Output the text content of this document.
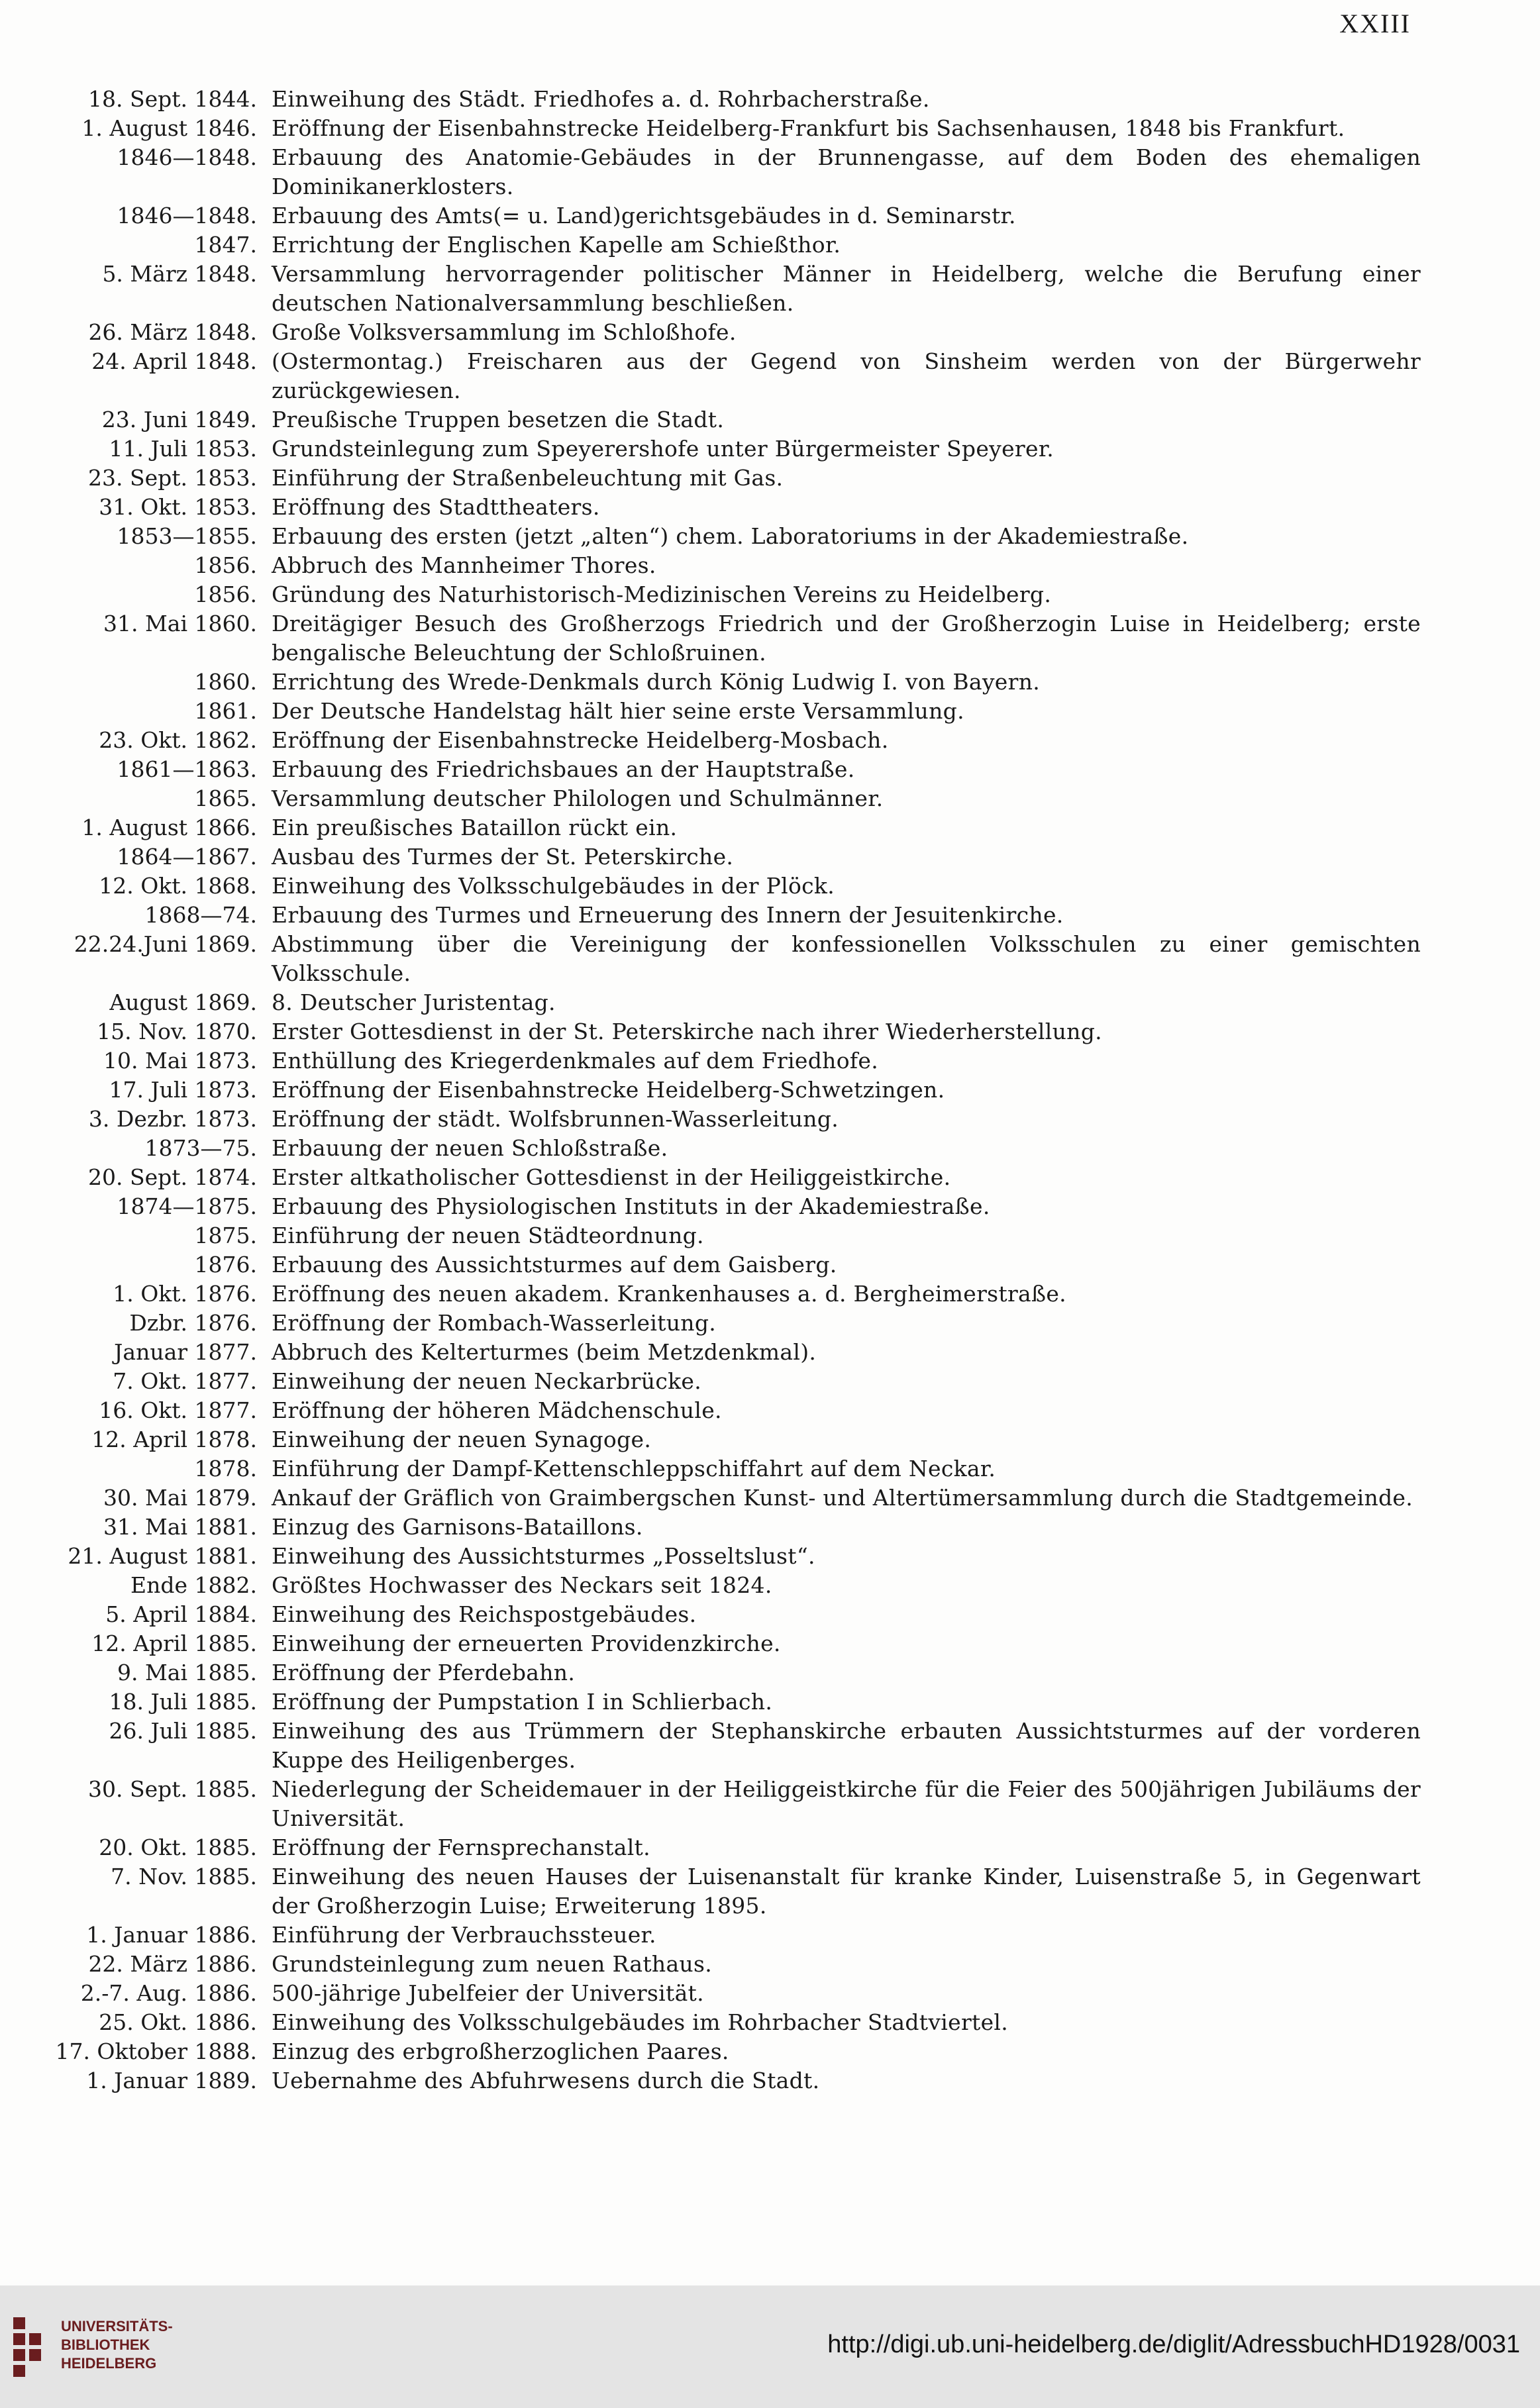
XXIII
18. Sept. 1844. Einweihung des Städt. Friedhofes a. d. Rohrbacherstraße.
1. August 1846. Eröffnung der Eisenbahnstrecke Heidelberg-Frankfurt bis Sachsenhausen, 1848 bis Frankfurt.
1846—1848. Erbauung des Anatomie-Gebäudes in der Brunnengasse, auf dem Boden des ehemaligen Dominikanerklosters.
1846—1848. Erbauung des Amts(= u. Land)gerichtsgebäudes in d. Seminarstr.
1847. Errichtung der Englischen Kapelle am Schießthor.
5. März 1848. Versammlung hervorragender politischer Männer in Heidelberg, welche die Berufung einer deutschen Nationalversammlung beschließen.
26. März 1848. Große Volksversammlung im Schloßhofe.
24. April 1848. (Ostermontag.) Freischaren aus der Gegend von Sinsheim werden von der Bürgerwehr zurückgewiesen.
23. Juni 1849. Preußische Truppen besetzen die Stadt.
11. Juli 1853. Grundsteinlegung zum Speyerershofe unter Bürgermeister Speyerer.
23. Sept. 1853. Einführung der Straßenbeleuchtung mit Gas.
31. Okt. 1853. Eröffnung des Stadttheaters.
1853—1855. Erbauung des ersten (jetzt „alten“) chem. Laboratoriums in der Akademiestraße.
1856. Abbruch des Mannheimer Thores.
1856. Gründung des Naturhistorisch-Medizinischen Vereins zu Heidelberg.
31. Mai 1860. Dreitägiger Besuch des Großherzogs Friedrich und der Großherzogin Luise in Heidelberg; erste bengalische Beleuchtung der Schloßruinen.
1860. Errichtung des Wrede-Denkmals durch König Ludwig I. von Bayern.
1861. Der Deutsche Handelstag hält hier seine erste Versammlung.
23. Okt. 1862. Eröffnung der Eisenbahnstrecke Heidelberg-Mosbach.
1861—1863. Erbauung des Friedrichsbaues an der Hauptstraße.
1865. Versammlung deutscher Philologen und Schulmänner.
1. August 1866. Ein preußisches Bataillon rückt ein.
1864—1867. Ausbau des Turmes der St. Peterskirche.
12. Okt. 1868. Einweihung des Volksschulgebäudes in der Plöck.
1868—74. Erbauung des Turmes und Erneuerung des Innern der Jesuitenkirche.
22.24.Juni 1869. Abstimmung über die Vereinigung der konfessionellen Volksschulen zu einer gemischten Volksschule.
August 1869. 8. Deutscher Juristentag.
15. Nov. 1870. Erster Gottesdienst in der St. Peterskirche nach ihrer Wiederherstellung.
10. Mai 1873. Enthüllung des Kriegerdenkmales auf dem Friedhofe.
17. Juli 1873. Eröffnung der Eisenbahnstrecke Heidelberg-Schwetzingen.
3. Dezbr. 1873. Eröffnung der städt. Wolfsbrunnen-Wasserleitung.
1873—75. Erbauung der neuen Schloßstraße.
20. Sept. 1874. Erster altkatholischer Gottesdienst in der Heiliggeistkirche.
1874—1875. Erbauung des Physiologischen Instituts in der Akademiestraße.
1875. Einführung der neuen Städteordnung.
1876. Erbauung des Aussichtsturmes auf dem Gaisberg.
1. Okt. 1876. Eröffnung des neuen akadem. Krankenhauses a. d. Bergheimerstraße.
Dzbr. 1876. Eröffnung der Rombach-Wasserleitung.
Januar 1877. Abbruch des Kelterturmes (beim Metzdenkmal).
7. Okt. 1877. Einweihung der neuen Neckarbrücke.
16. Okt. 1877. Eröffnung der höheren Mädchenschule.
12. April 1878. Einweihung der neuen Synagoge.
1878. Einführung der Dampf-Kettenschleppschiffahrt auf dem Neckar.
30. Mai 1879. Ankauf der Gräflich von Graimbergschen Kunst- und Altertümersammlung durch die Stadtgemeinde.
31. Mai 1881. Einzug des Garnisons-Bataillons.
21. August 1881. Einweihung des Aussichtsturmes „Posseltslust“.
Ende 1882. Größtes Hochwasser des Neckars seit 1824.
5. April 1884. Einweihung des Reichspostgebäudes.
12. April 1885. Einweihung der erneuerten Providenzkirche.
9. Mai 1885. Eröffnung der Pferdebahn.
18. Juli 1885. Eröffnung der Pumpstation I in Schlierbach.
26. Juli 1885. Einweihung des aus Trümmern der Stephanskirche erbauten Aussichtsturmes auf der vorderen Kuppe des Heiligenberges.
30. Sept. 1885. Niederlegung der Scheidemauer in der Heiliggeistkirche für die Feier des 500jährigen Jubiläums der Universität.
20. Okt. 1885. Eröffnung der Fernsprechanstalt.
7. Nov. 1885. Einweihung des neuen Hauses der Luisenanstalt für kranke Kinder, Luisenstraße 5, in Gegenwart der Großherzogin Luise; Erweiterung 1895.
1. Januar 1886. Einführung der Verbrauchssteuer.
22. März 1886. Grundsteinlegung zum neuen Rathaus.
2.-7. Aug. 1886. 500-jährige Jubelfeier der Universität.
25. Okt. 1886. Einweihung des Volksschulgebäudes im Rohrbacher Stadtviertel.
17. Oktober 1888. Einzug des erbgroßherzoglichen Paares.
1. Januar 1889. Uebernahme des Abfuhrwesens durch die Stadt.
UNIVERSITÄTS-
BIBLIOTHEK
HEIDELBERG
http://digi.ub.uni-heidelberg.de/diglit/AdressbuchHD1928/0031
